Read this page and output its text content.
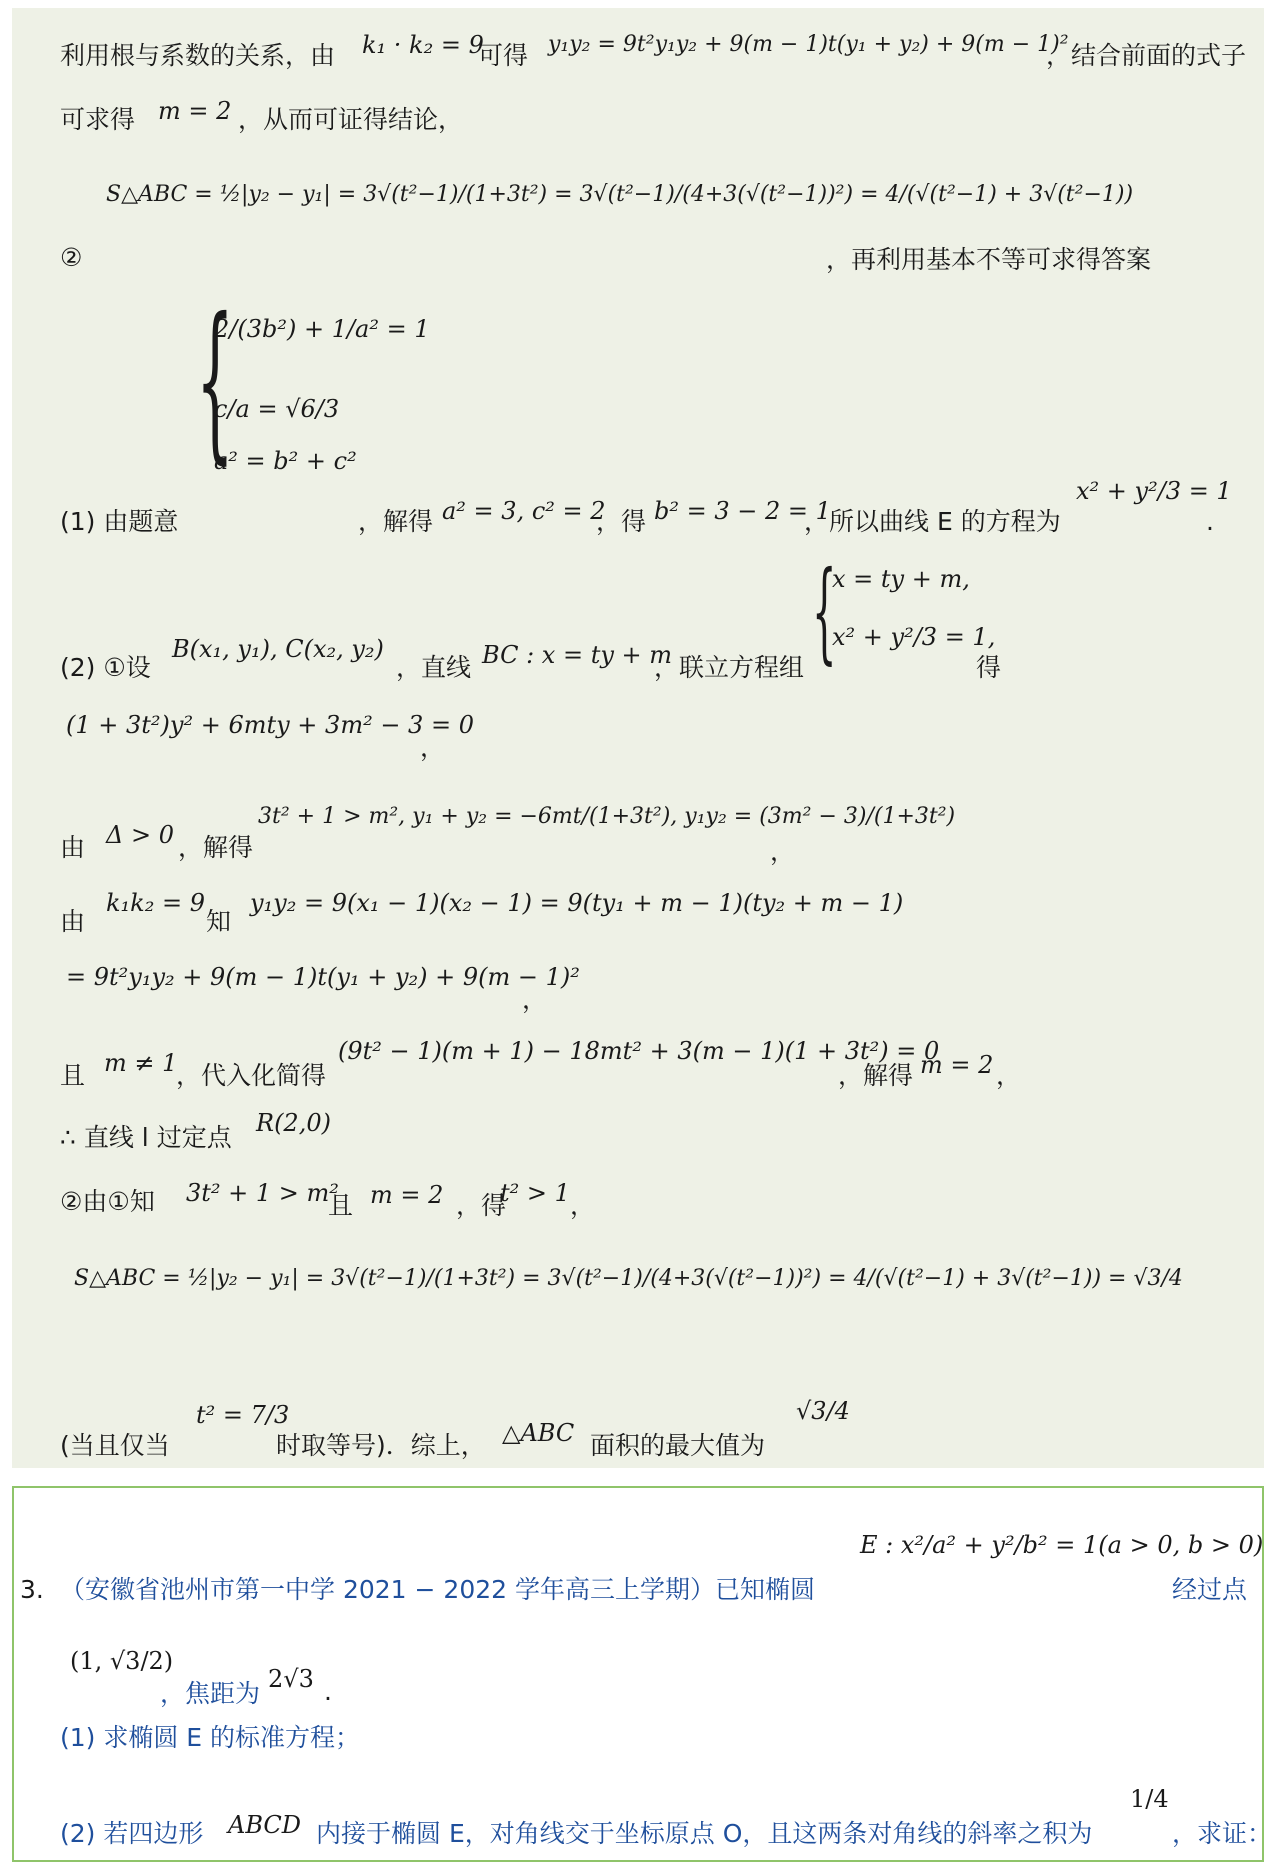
利用根与系数的关系，由 k₁ · k₂ = 9
可得 y₁y₂ = 9t²y₁y₂ + 9(m − 1)t(y₁ + y₂) + 9(m − 1)²
，结合前面的式子
可求得 m = 2 ，从而可证得结论，
②
S△ABC = ½|y₂ − y₁| = 3√(t²−1)/(1+3t²) = 3√(t²−1)/(4+3(√(t²−1))²) = 4/(√(t²−1) + 3√(t²−1))
，再利用基本不等可求得答案
{
2/(3b²) + 1/a² = 1
c/a = √6/3
a² = b² + c²
(1) 由题意	，解得 a² = 3, c² = 2
，得 b² = 3 − 2 = 1
，所以曲线 E 的方程为
x² + y²/3 = 1
.
{
x = ty + m,
x² + y²/3 = 1,
(2) ①设
B(x₁, y₁), C(x₂, y₂)
，直线 BC : x = ty + m
，联立方程组	得
(1 + 3t²)y² + 6mty + 3m² − 3 = 0
，
由 Δ > 0 ，解得
3t² + 1 > m², y₁ + y₂ = −6mt/(1+3t²), y₁y₂ = (3m² − 3)/(1+3t²)
，
由
k₁k₂ = 9
知
y₁y₂ = 9(x₁ − 1)(x₂ − 1) = 9(ty₁ + m − 1)(ty₂ + m − 1)
= 9t²y₁y₂ + 9(m − 1)t(y₁ + y₂) + 9(m − 1)²
，
且 m ≠ 1
，代入化简得
(9t² − 1)(m + 1) − 18mt² + 3(m − 1)(1 + 3t²) = 0
，解得 m = 2 ，
∴ 直线 l 过定点 R(2,0)
②由①知 3t² + 1 > m²
且 m = 2 ，得
t² > 1 ，
S△ABC = ½|y₂ − y₁| = 3√(t²−1)/(1+3t²) = 3√(t²−1)/(4+3(√(t²−1))²) = 4/(√(t²−1) + 3√(t²−1)) = √3/4
(当且仅当
t² = 7/3
时取等号)．综上， △ABC 面积的最大值为
√3/4
3. （安徽省池州市第一中学 2021 − 2022 学年高三上学期）已知椭圆
E : x²/a² + y²/b² = 1(a > 0, b > 0)
经过点
(1, √3/2)
，焦距为 2√3 .
(1) 求椭圆 E 的标准方程；
(2) 若四边形 ABCD 内接于椭圆 E，对角线交于坐标原点 O，且这两条对角线的斜率之积为
1/4
，求证：
